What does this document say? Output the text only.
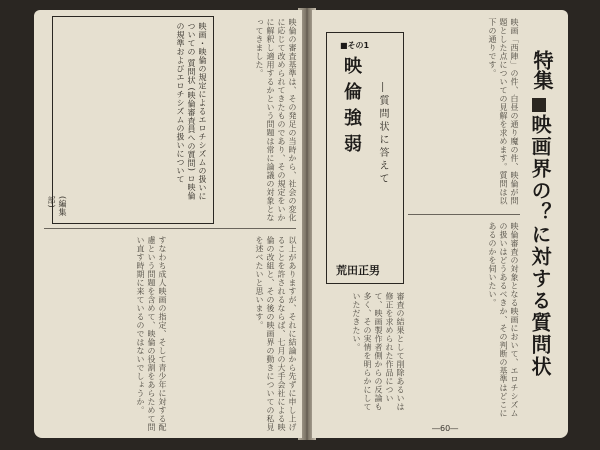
映倫の審査基準は、その発足の当時から、社会の変化に応じて改められてきたものであり、その規定をいかに解釈し適用するかという問題は常に論議の対象となってきました。
映画・映倫の規定によるエロチシズムの扱いについての 質問状 (映倫審査員への質問) ロ映倫の規準およびエロチシズムの扱いについて
(編集部)
以上がありますが、それに結論から先ずに申し上げることを許されるならば、七月の大手会社による映倫の改組と、その後の映画界の動きについての私見を述べたいと思います。
すなわち成人映画の指定、そして青少年に対する配慮という問題を含めて、映倫の役割をあらためて問い直す時期に来ているのではないでしょうか。
映画「西陣」の件、白昼の通り魔の件、映倫が問題とした点についての見解を求めます。質問は以下の通りです。
■その1
映倫強弱	―質問状に答えて
荒田正男
特集
映画界の？に対する質問状
映倫審査の対象となる映画において、エロチシズムの扱いはどうあるべきか、その判断の基準はどこにあるのかを伺いたい。
審査の結果として削除あるいは修正を求められた作品について、映画製作者側からの反論も多く、その実情を明らかにしていただきたい。
―60―
